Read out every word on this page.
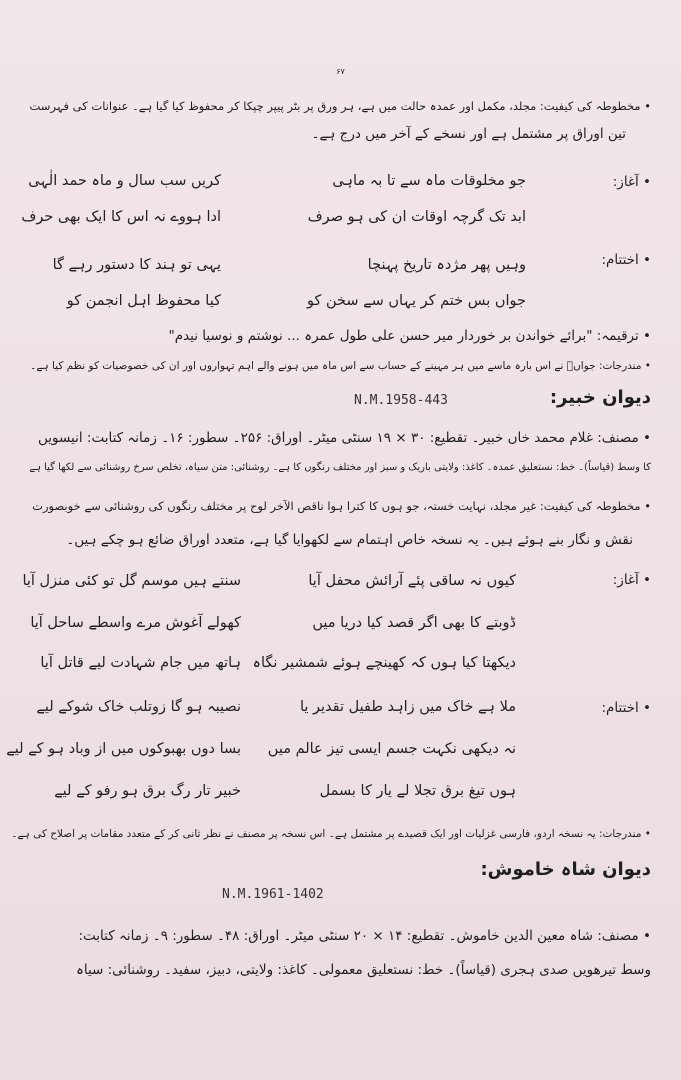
۶۷
• مخطوطہ کی کیفیت: مجلد، مکمل اور عمدہ حالت میں ہے، ہر ورق پر بٹر پیپر چپکا کر محفوظ کیا گیا ہے۔ عنوانات کی فہرست
تین اوراق پر مشتمل ہے اور نسخے کے آخر میں درج ہے۔
• آغاز:
جو مخلوقات ماہ سے تا بہ ماہی
کریں سب سال و ماہ حمد الٰہی
ابد تک گرچہ اوقات ان کی ہو صرف
ادا ہووے نہ اس کا ایک بھی حرف
• اختتام:
وہیں پھر مژدہ تاریخ پہنچا
یہی تو ہند کا دستور رہے گا
جواں بس ختم کر یہاں سے سخن کو
کیا محفوظ اہل انجمن کو
• ترقیمہ: "برائے خواندن بر خوردار میر حسن علی طول عمرہ ... نوشتم و نوسیا نیدم"
• مندرجات: جواںؔ نے اس بارہ ماسے میں ہر مہینے کے حساب سے اس ماہ میں ہونے والے اہم تہواروں اور ان کی خصوصیات کو نظم کیا ہے۔
دیوان خبیر:
N.M.1958-443
• مصنف: غلام محمد خاں خبیر۔ تقطیع: ۳۰ × ۱۹ سنٹی میٹر۔ اوراق: ۲۵۶۔ سطور: ۱۶۔ زمانہ کتابت: انیسویں
کا وسط (قیاساً)۔ خط: نستعلیق عمدہ۔ کاغذ: ولایتی باریک و سبز اور مختلف رنگوں کا ہے۔ روشنائی: متن سیاہ، تخلص سرخ روشنائی سے لکھا گیا ہے
• مخطوطہ کی کیفیت: غیر مجلد، نہایت خستہ، جو ہوں کا کترا ہوا ناقص الآخر لوح پر مختلف رنگوں کی روشنائی سے خوبصورت
نقش و نگار بنے ہوئے ہیں۔ یہ نسخہ خاص اہتمام سے لکھوایا گیا ہے، متعدد اوراق ضائع ہو چکے ہیں۔
• آغاز:
کیوں نہ ساقی پئے آرائش محفل آیا
سنتے ہیں موسم گل تو کئی منزل آیا
ڈوبتے کا بھی اگر قصد کیا دریا میں
کھولے آغوش مرے واسطے ساحل آیا
دیکھتا کیا ہوں کہ کھینچے ہوئے شمشیر نگاہ
ہاتھ میں جام شہادت لیے قاتل آیا
• اختتام:
ملا ہے خاک میں زاہد طفیل تقدیر یا
نصیبہ ہو گا زوتلب خاک شوکے لیے
نہ دیکھی نکہت جسم ایسی تیز عالم میں
بسا دوں بھبوکوں میں از وباد ہو کے لیے
ہوں تیغ برق تجلا لے یار کا بسمل
خبیر تار رگ برق ہو رفو کے لیے
• مندرجات: یہ نسخہ اردو، فارسی غزلیات اور ایک قصیدے پر مشتمل ہے۔ اس نسخہ پر مصنف نے نظر ثانی کر کے متعدد مقامات پر اصلاح کی ہے۔
دیوان شاہ خاموش:
N.M.1961-1402
• مصنف: شاہ معین الدین خاموش۔ تقطیع: ۱۴ × ۲۰ سنٹی میٹر۔ اوراق: ۴۸۔ سطور: ۹۔ زمانہ کتابت:
وسط تیرھویں صدی ہجری (قیاساً)۔ خط: نستعلیق معمولی۔ کاغذ: ولایتی، دبیز، سفید۔ روشنائی: سیاہ
